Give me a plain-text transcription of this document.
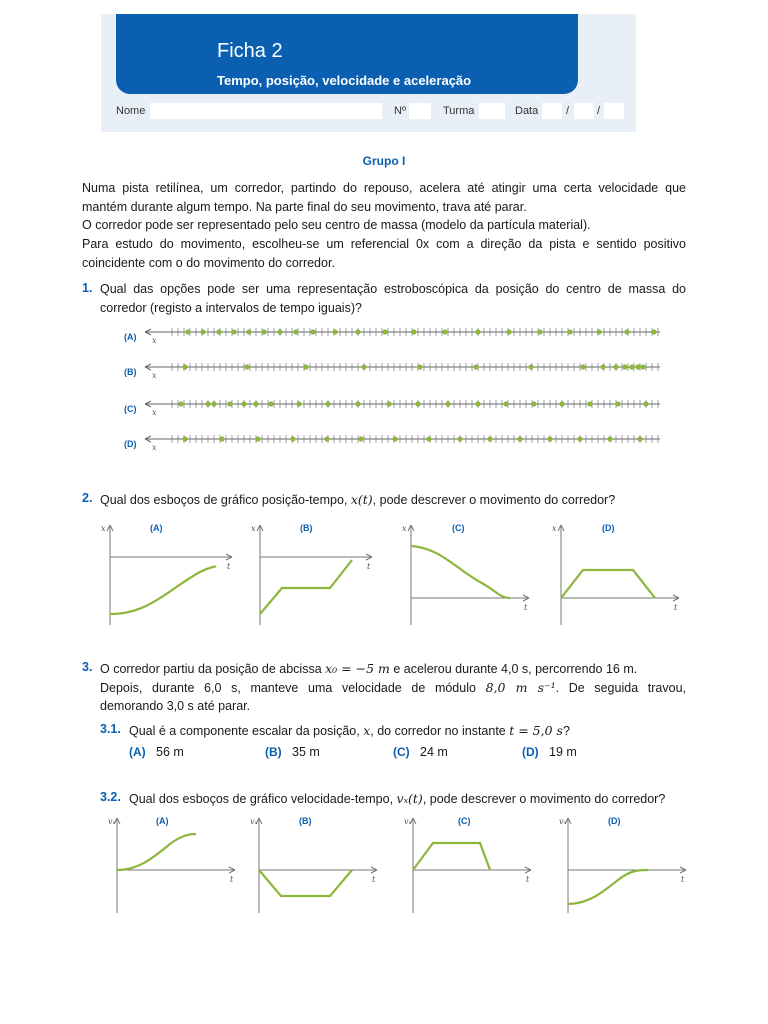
Ficha 2
Tempo, posição, velocidade e aceleração
Nome	Nº	Turma	Data	/	/
Grupo I
Numa pista retilínea, um corredor, partindo do repouso, acelera até atingir uma certa velocidade que mantém durante algum tempo. Na parte final do seu movimento, trava até parar.
O corredor pode ser representado pelo seu centro de massa (modelo da partícula material).
Para estudo do movimento, escolheu-se um referencial 0x com a direção da pista e sentido positivo coincidente com o do movimento do corredor.
1. Qual das opções pode ser uma representação estroboscópica da posição do centro de massa do corredor (registo a intervalos de tempo iguais)?
(A) x
(B) x
(C) x
(D) x
2. Qual dos esboços de gráfico posição-tempo, x(t), pode descrever o movimento do corredor?
x
t
(A)	x
t
(B)	x
t
(C)	x
t
(D)
3. O corredor partiu da posição de abcissa x₀ = −5 m e acelerou durante 4,0 s, percorrendo 16 m.
Depois, durante 6,0 s, manteve uma velocidade de módulo 8,0 m s⁻¹. De seguida travou,
demorando 3,0 s até parar.
3.1. Qual é a componente escalar da posição, x, do corredor no instante t = 5,0 s?
(A) 56 m	(B) 35 m	(C) 24 m	(D) 19 m
3.2. Qual dos esboços de gráfico velocidade-tempo, vₓ(t), pode descrever o movimento do corredor?
vₓ
t
(A)	vₓ
t
(B)	vₓ
t
(C)	vₓ
t
(D)
